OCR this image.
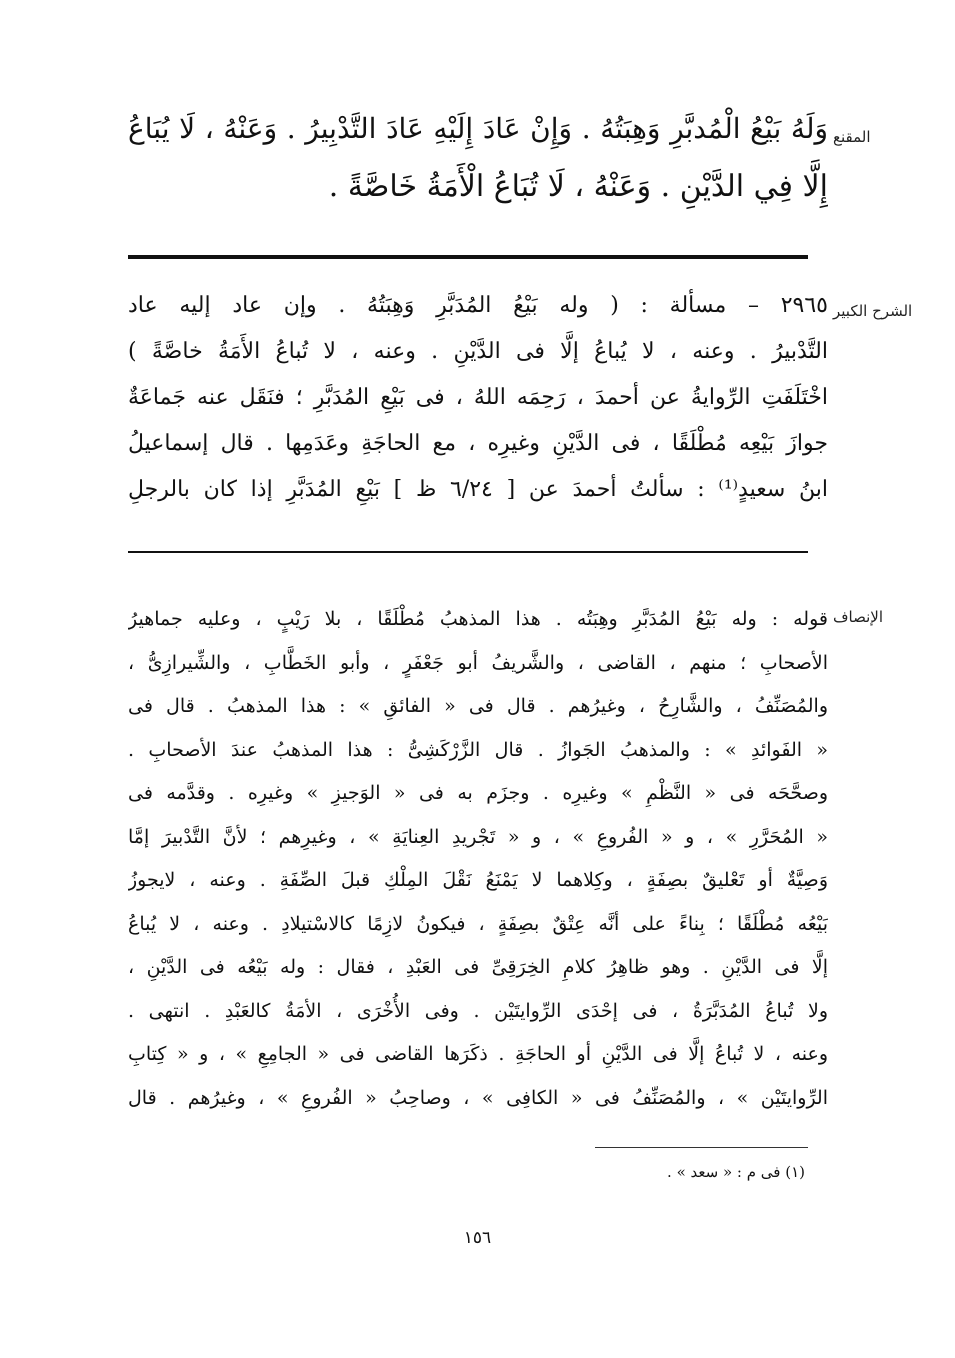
المقنع
وَلَهُ بَيْعُ الْمُدبَّرِ وَهِبَتُهُ . وَإِنْ عَادَ إِلَيْهِ عَادَ التَّدْبِيرُ . وَعَنْهُ ، لَا يُبَاعُ
إِلَّا فِي الدَّيْنِ . وَعَنْهُ ، لَا تُبَاعُ الْأَمَةُ خَاصَّةً .
الشرح الكبير
٢٩٦٥ – مسألة : ( وله بَيْعُ المُدَبَّرِ وَهِبَتُهُ . وإن عاد إليه عاد
التَّدْبيرُ . وعنه ، لا يُباعُ إلَّا فى الدَّيْنِ . وعنه ، لا تُباعُ الأَمَةُ خاصَّةً )
اخْتَلَفَتِ الرِّوايةُ عن أحمدَ ، رَحِمَه اللهُ ، فى بَيْعِ المُدَبَّرِ ؛ فنَقَل عنه جَماعَةٌ
جوازَ بَيْعِه مُطْلَقًا ، فى الدَّيْنِ وغيرِه ، مع الحاجَةِ وعَدَمِها . قال إسماعيلُ
ابنُ سعيدٍ⁽¹⁾ : سألتُ أحمدَ عن [ ٦/٢٤ ظ ] بَيْعِ المُدَبَّرِ إذا كان بالرجلِ
الإنصاف
قوله : وله بَيْعُ المُدَبَّرِ وهِبَتُه . هذا المذهبُ مُطْلَقًا ، بلا رَيْبٍ ، وعليه جماهيرُ
الأصحابِ ؛ منهم ، القاضى ، والشَّريفُ أبو جَعْفَرٍ ، وأبو الخَطَّابِ ، والشِّيرازِىُّ ،
والمُصَنِّفُ ، والشَّارِحُ ، وغيرُهم . قال فى « الفائقِ » : هذا المذهبُ . قال فى
« الفَوائدِ » : والمذهبُ الجَوازُ . قال الزَّرْكَشِىُّ : هذا المذهبُ عندَ الأصحابِ .
وصحَّحَه فى « النَّظْمِ » وغيرِه . وجزَم به فى « الوَجيزِ » وغيرِه . وقدَّمه فى
« المُحَرَّرِ » ، و « الفُروعِ » ، و « تَجْريدِ العِنايَةِ » ، وغيرِهم ؛ لأنَّ التَّدْبيرَ إمَّا
وَصِيَّةٌ أو تَعْليقٌ بصِفَةٍ ، وكِلاهما لا يَمْنَعُ نَقْلَ المِلْكِ قبلَ الصِّفَةِ . وعنه ، لايجوزُ
بَيْعُه مُطْلَقًا ؛ بِناءً على أنَّه عِتْقٌ بصِفَةٍ ، فيكونُ لازِمًا كالاسْتيلادِ . وعنه ، لا يُباعُ
إلَّا فى الدَّيْنِ . وهو ظاهِرُ كلامِ الخِرَقِىِّ فى العَبْدِ ، فقال : وله بَيْعُه فى الدَّيْنِ ،
ولا تُباعُ المُدَبَّرَةُ ، فى إحْدَى الرِّوايتَيْن . وفى الأُخْرَى ، الأمَةُ كالعَبْدِ . انتهى .
وعنه ، لا تُباعُ إلَّا فى الدَّيْنِ أو الحاجَةِ . ذكَرَها القاضى فى « الجامِعِ » ، و « كِتابِ
الرِّوايتَيْن » ، والمُصَنِّفُ فى « الكافِى » ، وصاحِبُ « الفُروعِ » ، وغيرُهم . قال
(١) فى م : « سعد » .
١٥٦
